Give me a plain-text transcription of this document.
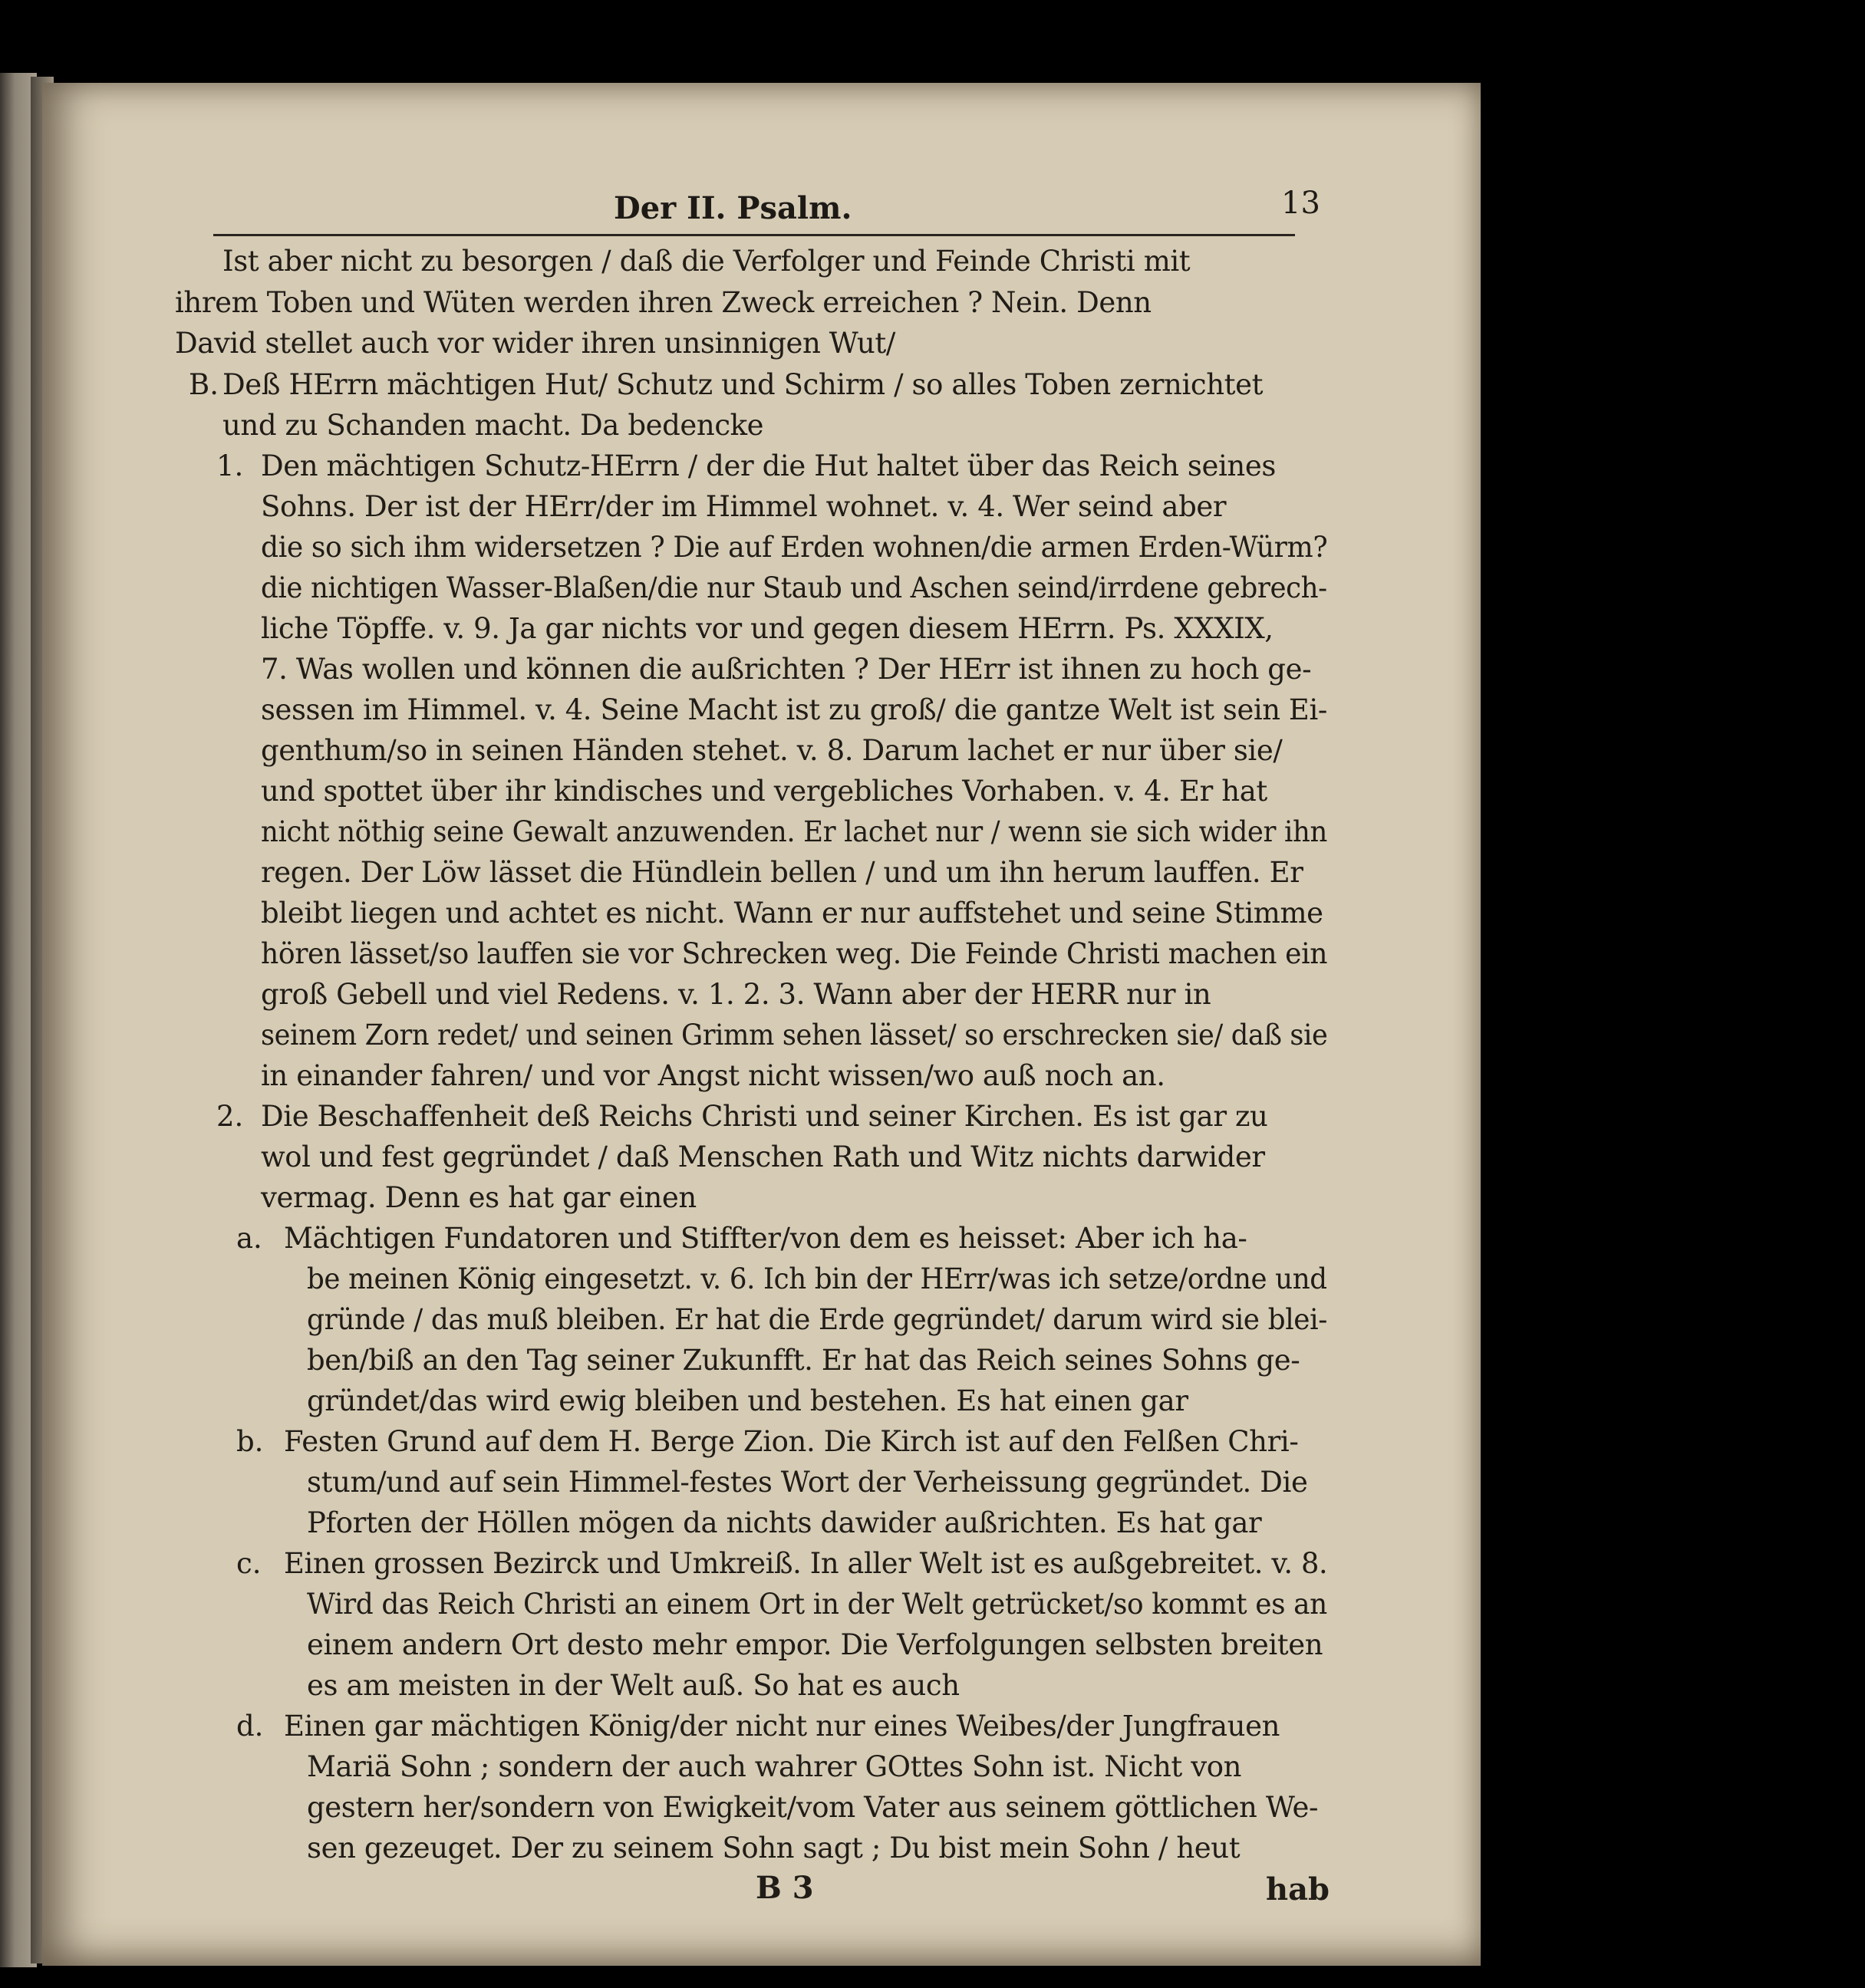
Der II. Psalm.	13
Ist aber nicht zu besorgen / daß die Verfolger und Feinde Christi mit
ihrem Toben und Wüten werden ihren Zweck erreichen ? Nein. Denn
David stellet auch vor wider ihren unsinnigen Wut/
B. Deß HErrn mächtigen Hut/ Schutz und Schirm / so alles Toben zernichtet
und zu Schanden macht. Da bedencke
1. Den mächtigen Schutz-HErrn / der die Hut haltet über das Reich seines
Sohns. Der ist der HErr/der im Himmel wohnet. v. 4. Wer seind aber
die so sich ihm widersetzen ? Die auf Erden wohnen/die armen Erden-Würm?
die nichtigen Wasser-Blaßen/die nur Staub und Aschen seind/irrdene gebrech-
liche Töpffe. v. 9. Ja gar nichts vor und gegen diesem HErrn. Ps. XXXIX,
7. Was wollen und können die außrichten ? Der HErr ist ihnen zu hoch ge-
sessen im Himmel. v. 4. Seine Macht ist zu groß/ die gantze Welt ist sein Ei-
genthum/so in seinen Händen stehet. v. 8. Darum lachet er nur über sie/
und spottet über ihr kindisches und vergebliches Vorhaben. v. 4. Er hat
nicht nöthig seine Gewalt anzuwenden. Er lachet nur / wenn sie sich wider ihn
regen. Der Löw lässet die Hündlein bellen / und um ihn herum lauffen. Er
bleibt liegen und achtet es nicht. Wann er nur auffstehet und seine Stimme
hören lässet/so lauffen sie vor Schrecken weg. Die Feinde Christi machen ein
groß Gebell und viel Redens. v. 1. 2. 3. Wann aber der HERR nur in
seinem Zorn redet/ und seinen Grimm sehen lässet/ so erschrecken sie/ daß sie
in einander fahren/ und vor Angst nicht wissen/wo auß noch an.
2. Die Beschaffenheit deß Reichs Christi und seiner Kirchen. Es ist gar zu
wol und fest gegründet / daß Menschen Rath und Witz nichts darwider
vermag. Denn es hat gar einen
a. Mächtigen Fundatoren und Stiffter/von dem es heisset: Aber ich ha-
be meinen König eingesetzt. v. 6. Ich bin der HErr/was ich setze/ordne und
gründe / das muß bleiben. Er hat die Erde gegründet/ darum wird sie blei-
ben/biß an den Tag seiner Zukunfft. Er hat das Reich seines Sohns ge-
gründet/das wird ewig bleiben und bestehen. Es hat einen gar
b. Festen Grund auf dem H. Berge Zion. Die Kirch ist auf den Felßen Chri-
stum/und auf sein Himmel-festes Wort der Verheissung gegründet. Die
Pforten der Höllen mögen da nichts dawider außrichten. Es hat gar
c. Einen grossen Bezirck und Umkreiß. In aller Welt ist es außgebreitet. v. 8.
Wird das Reich Christi an einem Ort in der Welt getrücket/so kommt es an
einem andern Ort desto mehr empor. Die Verfolgungen selbsten breiten
es am meisten in der Welt auß. So hat es auch
d. Einen gar mächtigen König/der nicht nur eines Weibes/der Jungfrauen
Mariä Sohn ; sondern der auch wahrer GOttes Sohn ist. Nicht von
gestern her/sondern von Ewigkeit/vom Vater aus seinem göttlichen We-
sen gezeuget. Der zu seinem Sohn sagt ; Du bist mein Sohn / heut
B 3	hab
